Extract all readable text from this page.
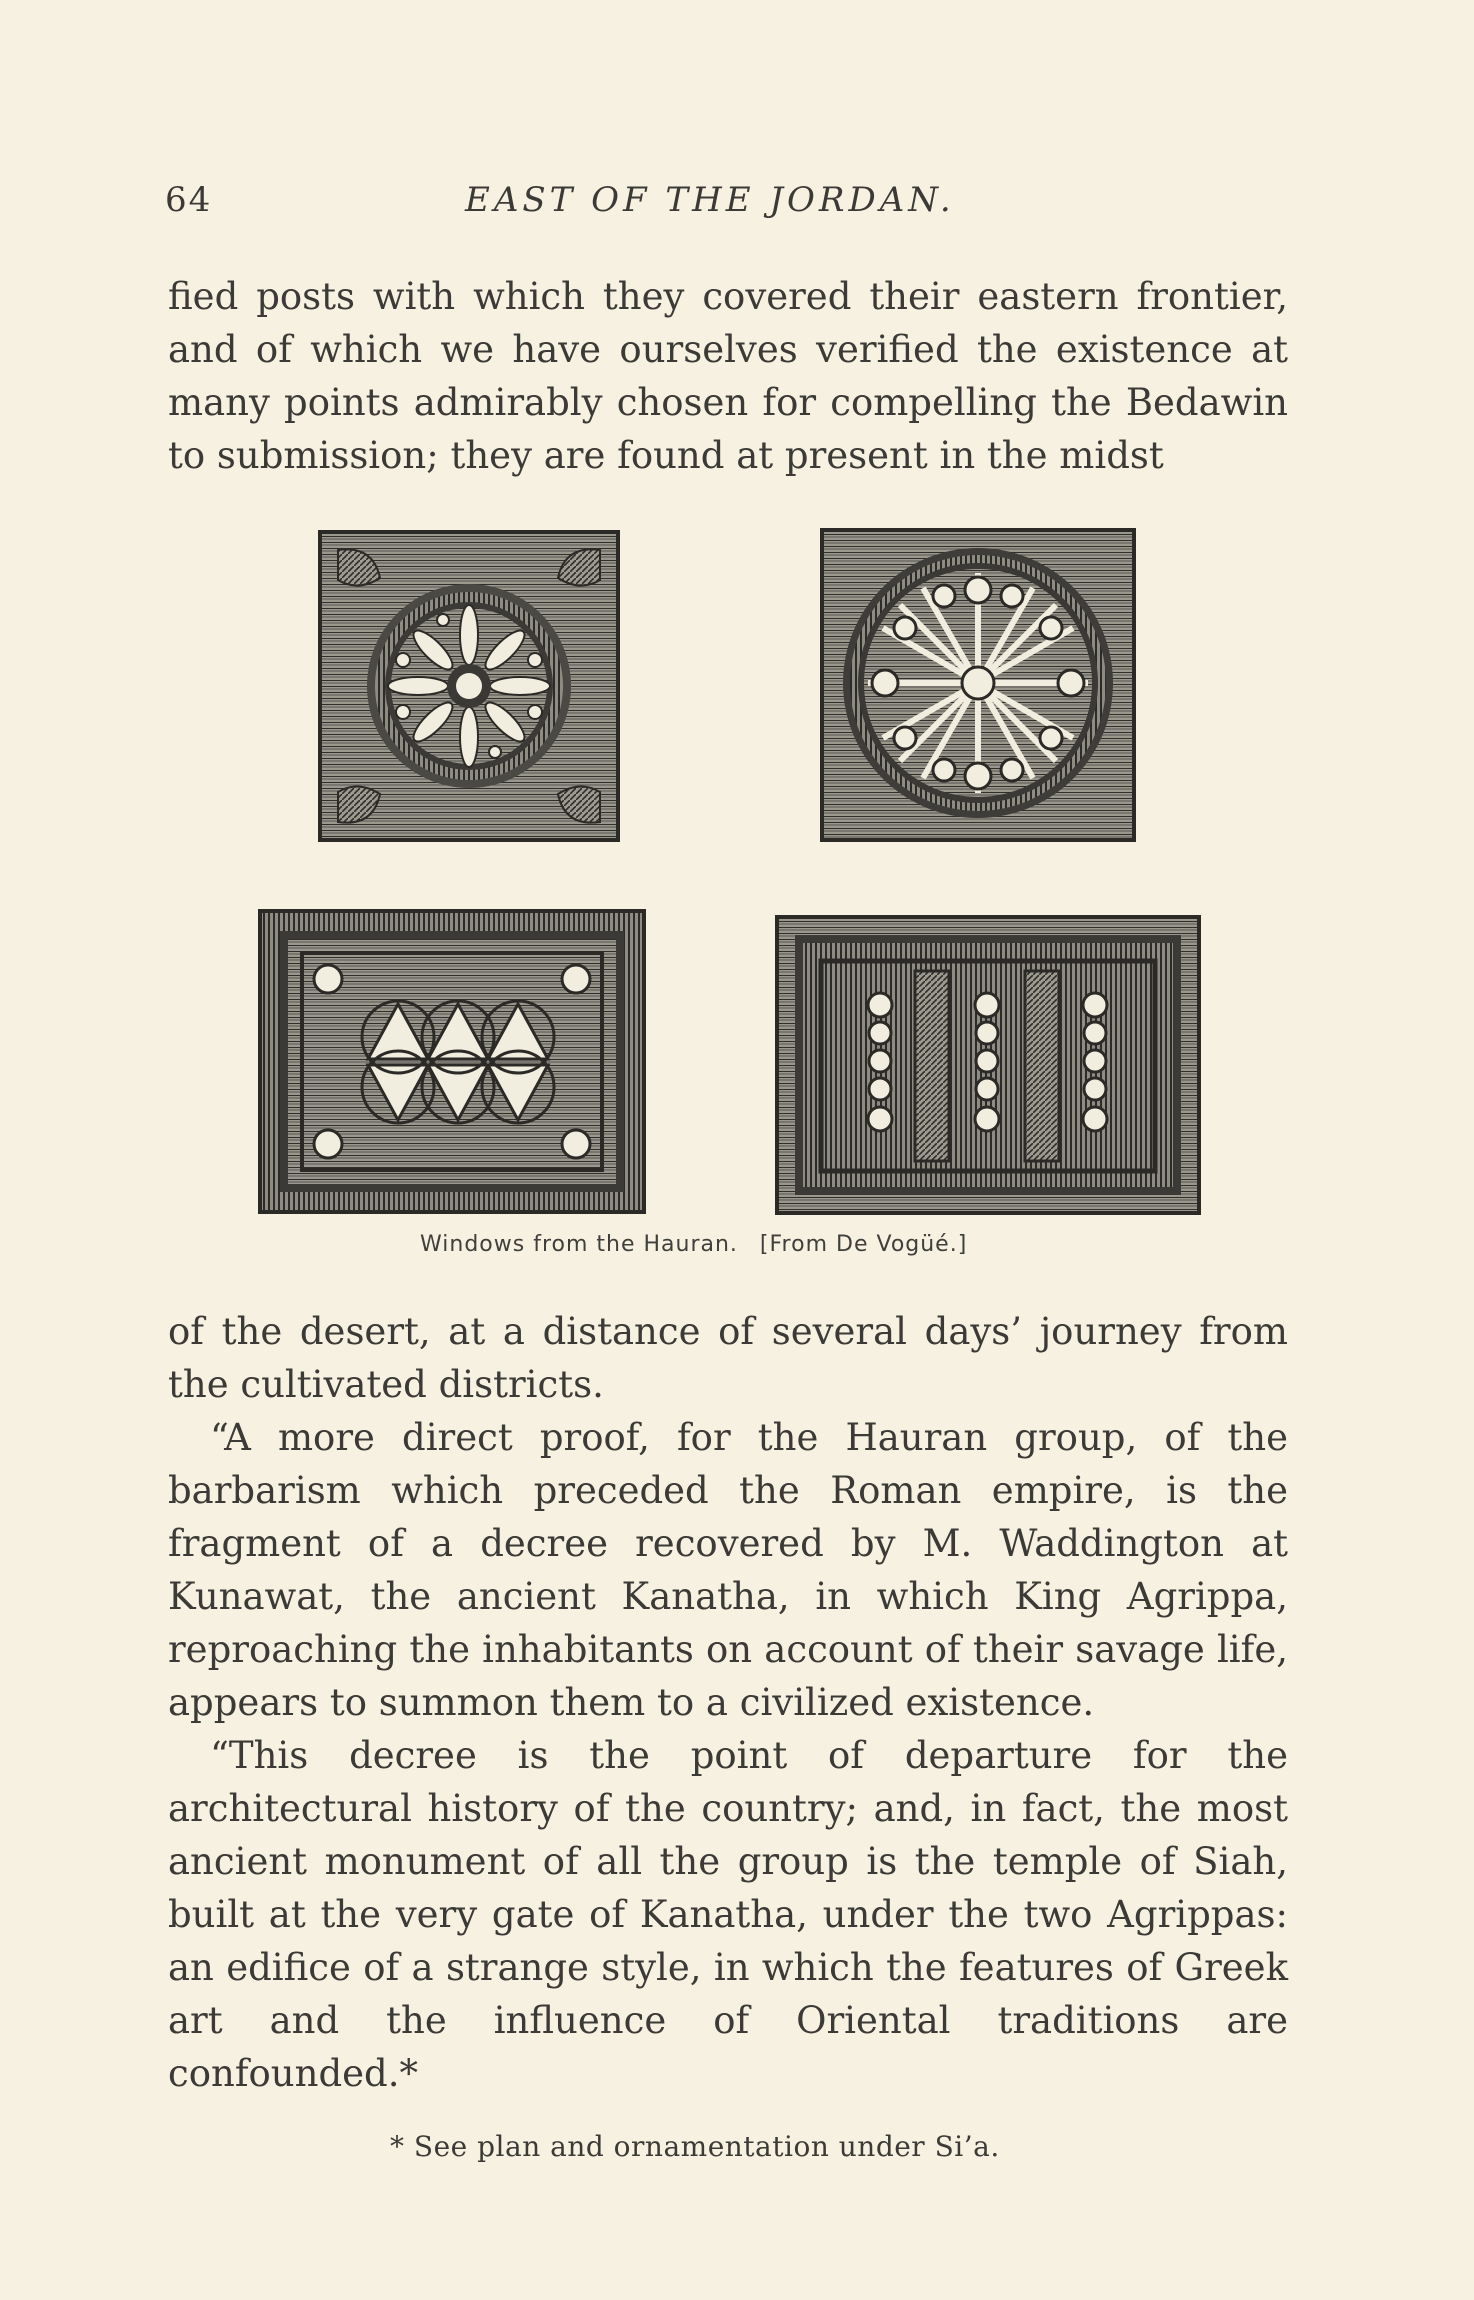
64	EAST OF THE JORDAN.

fied posts with which they covered their eastern frontier, and of which we have ourselves verified the existence at many points admirably chosen for compelling the Bedawin to submission; they are found at present in the midst

Windows from the Hauran. [From De Vogüé.]

of the desert, at a distance of several days’ journey from the cultivated districts.

“A more direct proof, for the Hauran group, of the barbarism which preceded the Roman empire, is the fragment of a decree recovered by M. Waddington at Kunawat, the ancient Kanatha, in which King Agrippa, reproaching the inhabitants on account of their savage life, appears to summon them to a civilized existence.

“This decree is the point of departure for the architectural history of the country; and, in fact, the most ancient monument of all the group is the temple of Siah, built at the very gate of Kanatha, under the two Agrippas: an edifice of a strange style, in which the features of Greek art and the influence of Oriental traditions are confounded.*

* See plan and ornamentation under Si’a.
